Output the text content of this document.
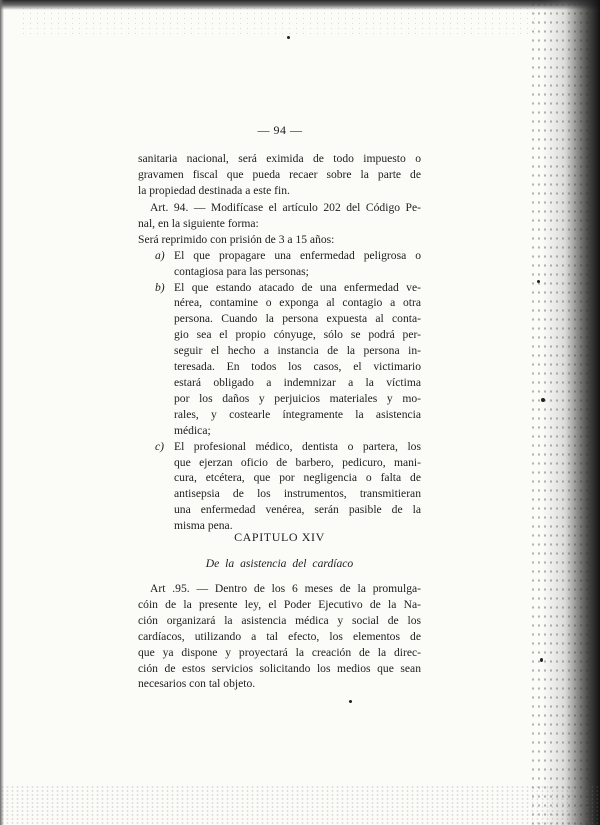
— 94 —
sanitaria nacional, será eximida de todo impuesto o
gravamen fiscal que pueda recaer sobre la parte de
la propiedad destinada a este fin.
Art. 94. — Modifícase el artículo 202 del Código Pe-
nal, en la siguiente forma:
Será reprimido con prisión de 3 a 15 años:
a) El que propagare una enfermedad peligrosa o
contagiosa para las personas;
b) El que estando atacado de una enfermedad ve-
nérea, contamine o exponga al contagio a otra
persona. Cuando la persona expuesta al conta-
gio sea el propio cónyuge, sólo se podrá per-
seguir el hecho a instancia de la persona in-
teresada. En todos los casos, el victimario
estará obligado a indemnizar a la víctima
por los daños y perjuicios materiales y mo-
rales, y costearle íntegramente la asistencia
médica;
c) El profesional médico, dentista o partera, los
que ejerzan oficio de barbero, pedicuro, mani-
cura, etcétera, que por negligencia o falta de
antisepsia de los instrumentos, transmitieran
una enfermedad venérea, serán pasible de la
misma pena.
CAPITULO XIV
De la asistencia del cardíaco
Art .95. — Dentro de los 6 meses de la promulga-
cóin de la presente ley, el Poder Ejecutivo de la Na-
ción organizará la asistencia médica y social de los
cardíacos, utilizando a tal efecto, los elementos de
que ya dispone y proyectará la creación de la direc-
ción de estos servicios solicitando los medios que sean
necesarios con tal objeto.
